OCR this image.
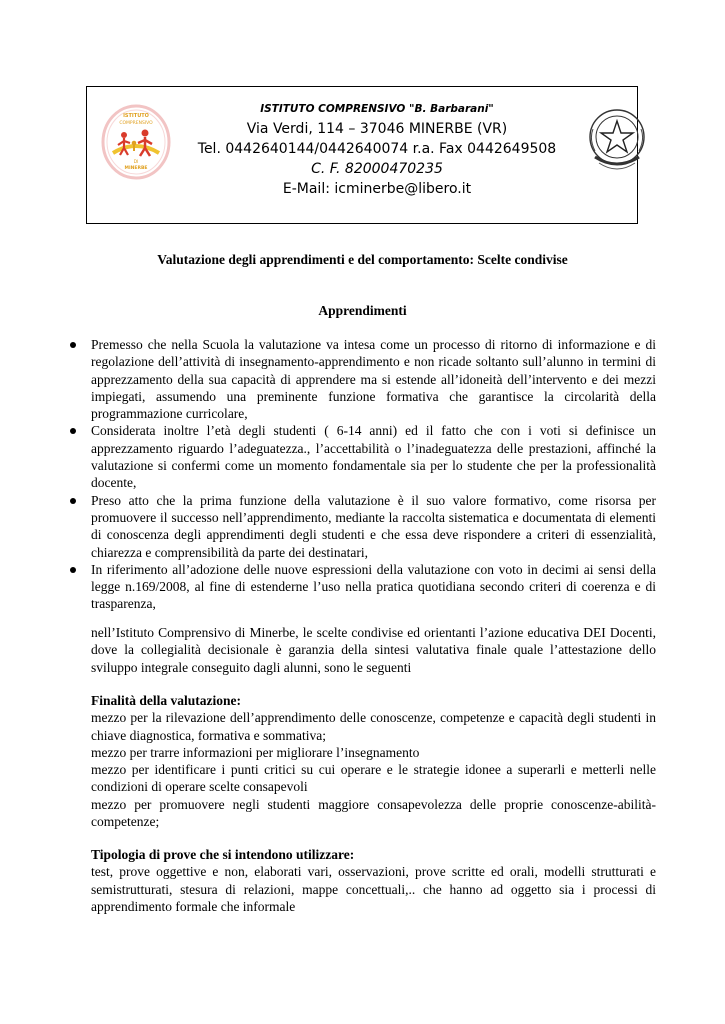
ISTITUTO
COMPRENSIVO
DI
MINERBE
ISTITUTO COMPRENSIVO "B. Barbarani"
Via Verdi, 114 – 37046 MINERBE (VR)
Tel. 0442640144/0442640074 r.a. Fax 0442649508
C. F. 82000470235
E-Mail: icminerbe@libero.it
Valutazione degli apprendimenti e del comportamento: Scelte condivise
Apprendimenti
Premesso che nella Scuola la valutazione va intesa come un processo di ritorno di informazione e di regolazione dell’attività di insegnamento-apprendimento e non ricade soltanto sull’alunno in termini di apprezzamento della sua capacità di apprendere ma si estende all’idoneità dell’intervento e dei mezzi impiegati, assumendo una preminente funzione formativa che garantisce la circolarità della programmazione curricolare,
Considerata inoltre l’età degli studenti ( 6-14 anni) ed il fatto che con i voti si definisce un apprezzamento riguardo l’adeguatezza., l’accettabilità o l’inadeguatezza delle prestazioni, affinché la valutazione si confermi come un momento fondamentale sia per lo studente che per la professionalità docente,
Preso atto che la prima funzione della valutazione è il suo valore formativo, come risorsa per promuovere il successo nell’apprendimento, mediante la raccolta sistematica e documentata di elementi di conoscenza degli apprendimenti degli studenti e che essa deve rispondere a criteri di essenzialità, chiarezza e comprensibilità da parte dei destinatari,
In riferimento all’adozione delle nuove espressioni della valutazione con voto in decimi ai sensi della legge n.169/2008, al fine di estenderne l’uso nella pratica quotidiana secondo criteri di coerenza e di trasparenza,
nell’Istituto Comprensivo di Minerbe, le scelte condivise ed orientanti l’azione educativa DEI Docenti, dove la collegialità decisionale è garanzia della sintesi valutativa finale quale l’attestazione dello sviluppo integrale conseguito dagli alunni, sono le seguenti
Finalità della valutazione:
mezzo per la rilevazione dell’apprendimento delle conoscenze, competenze e capacità degli studenti in chiave diagnostica, formativa e sommativa;
mezzo per trarre informazioni per migliorare l’insegnamento
mezzo per identificare i punti critici su cui operare e le strategie idonee a superarli e metterli nelle condizioni di operare scelte consapevoli
mezzo per promuovere negli studenti maggiore consapevolezza delle proprie conoscenze-abilità-competenze;
Tipologia di prove che si intendono utilizzare:
test, prove oggettive e non, elaborati vari, osservazioni, prove scritte ed orali, modelli strutturati e semistrutturati, stesura di relazioni, mappe concettuali,.. che hanno ad oggetto sia i processi di apprendimento formale che informale
